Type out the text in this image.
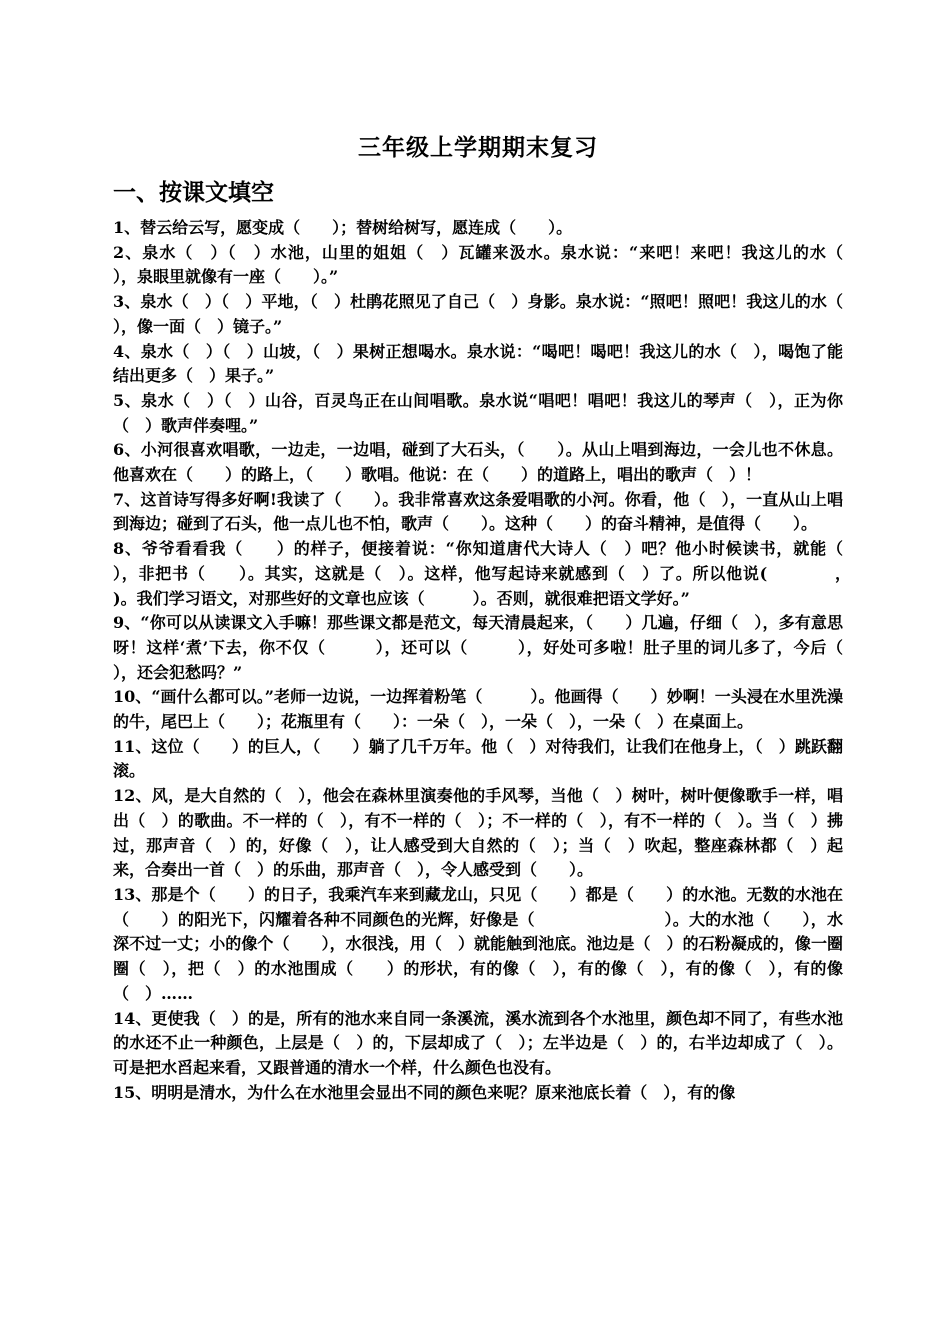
三年级上学期期末复习
一、按课文填空
1、替云给云写，愿变成（　　）；替树给树写，愿连成（　　）。
2、泉水（　）（　）水池，山里的姐姐（　）瓦罐来汲水。泉水说：“来吧！来吧！我这儿的水（　　），泉眼里就像有一座（　　）。”
3、泉水（　）（　）平地，（　）杜鹃花照见了自己（　）身影。泉水说：“照吧！照吧！我这儿的水（　　），像一面（　）镜子。”
4、泉水（　）（　）山坡，（　）果树正想喝水。泉水说：“喝吧！喝吧！我这儿的水（　），喝饱了能结出更多（　）果子。”
5、泉水（　）（　）山谷，百灵鸟正在山间唱歌。泉水说“唱吧！唱吧！我这儿的琴声（　），正为你（　）歌声伴奏哩。”
6、小河很喜欢唱歌，一边走，一边唱，碰到了大石头，（　　）。从山上唱到海边，一会儿也不休息。他喜欢在（　　）的路上，（　　）歌唱。他说：在（　　）的道路上，唱出的歌声（　）！
7、这首诗写得多好啊!我读了（　　）。我非常喜欢这条爱唱歌的小河。你看，他（　），一直从山上唱到海边；碰到了石头，他一点儿也不怕，歌声（　　）。这种（　　）的奋斗精神，是值得（　　）。
8、爷爷看看我（　　）的样子，便接着说：“你知道唐代大诗人（　）吧？他小时候读书，就能（　　），非把书（　　）。其实，这就是（　）。这样，他写起诗来就感到（　）了。所以他说(　　　　，　　　　　　)。我们学习语文，对那些好的文章也应该（　　　）。否则，就很难把语文学好。”
9、“你可以从读课文入手嘛！那些课文都是范文，每天清晨起来，（　　）几遍，仔细（　），多有意思呀！这样‘煮’下去，你不仅（　　　），还可以（　　　），好处可多啦！肚子里的词儿多了，今后（　　），还会犯愁吗？”
10、“画什么都可以。”老师一边说，一边挥着粉笔（　　　）。他画得（　　）妙啊！一头浸在水里洗澡的牛，尾巴上（　　）；花瓶里有（　　）：一朵（　），一朵（　），一朵（　）在桌面上。
11、这位（　　）的巨人，（　　）躺了几千万年。他（　）对待我们，让我们在他身上，（　）跳跃翻滚。
12、风，是大自然的（　），他会在森林里演奏他的手风琴，当他（　）树叶，树叶便像歌手一样，唱出（　）的歌曲。不一样的（　），有不一样的（　）；不一样的（　），有不一样的（　）。当（　）拂过，那声音（　）的，好像（　），让人感受到大自然的（　）；当（　）吹起，整座森林都（　）起来，合奏出一首（　）的乐曲，那声音（　），令人感受到（　　）。
13、那是个（　　）的日子，我乘汽车来到藏龙山，只见（　　）都是（　　）的水池。无数的水池在（　　）的阳光下，闪耀着各种不同颜色的光辉，好像是（　　　　　　　　）。大的水池（　　），水深不过一丈；小的像个（　　），水很浅，用（　）就能触到池底。池边是（　）的石粉凝成的，像一圈圈（　），把（　）的水池围成（　　）的形状，有的像（　），有的像（　），有的像（　），有的像（　）……
14、更使我（　）的是，所有的池水来自同一条溪流，溪水流到各个水池里，颜色却不同了，有些水池的水还不止一种颜色，上层是（　）的，下层却成了（　）；左半边是（　）的，右半边却成了（　）。可是把水舀起来看，又跟普通的清水一个样，什么颜色也没有。
15、明明是清水，为什么在水池里会显出不同的颜色来呢？原来池底长着（　），有的像
